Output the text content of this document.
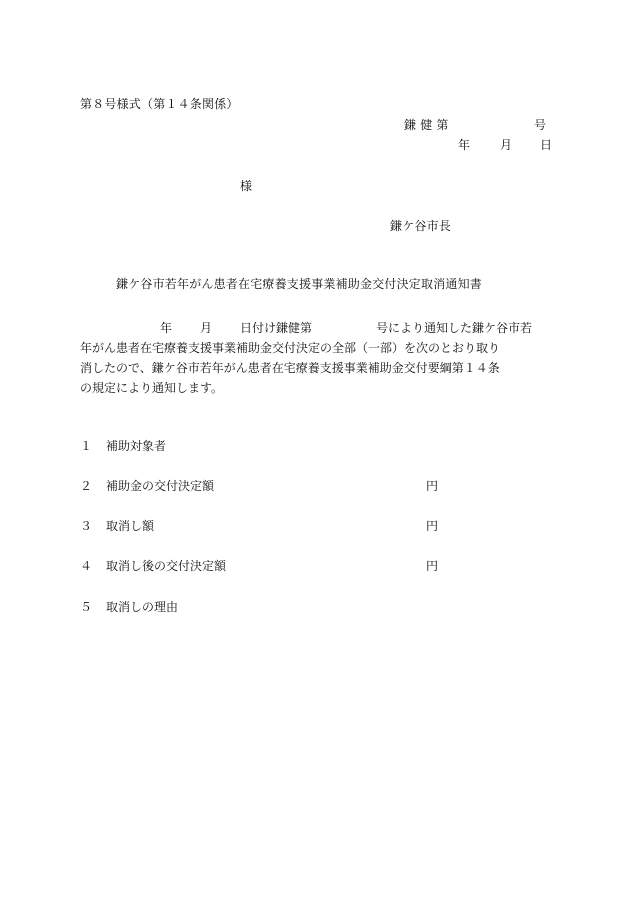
第８号様式（第１４条関係）
鎌 健 第	号
年 月 日
様
鎌ケ谷市長
鎌ケ谷市若年がん患者在宅療養支援事業補助金交付決定取消通知書
年 月 日付け鎌健第	号により通知した鎌ケ谷市若
年がん患者在宅療養支援事業補助金交付決定の全部（一部）を次のとおり取り
消したので、鎌ケ谷市若年がん患者在宅療養支援事業補助金交付要綱第１４条
の規定により通知します。
１ 補助対象者
２ 補助金の交付決定額	円
３ 取消し額	円
４ 取消し後の交付決定額	円
５ 取消しの理由
